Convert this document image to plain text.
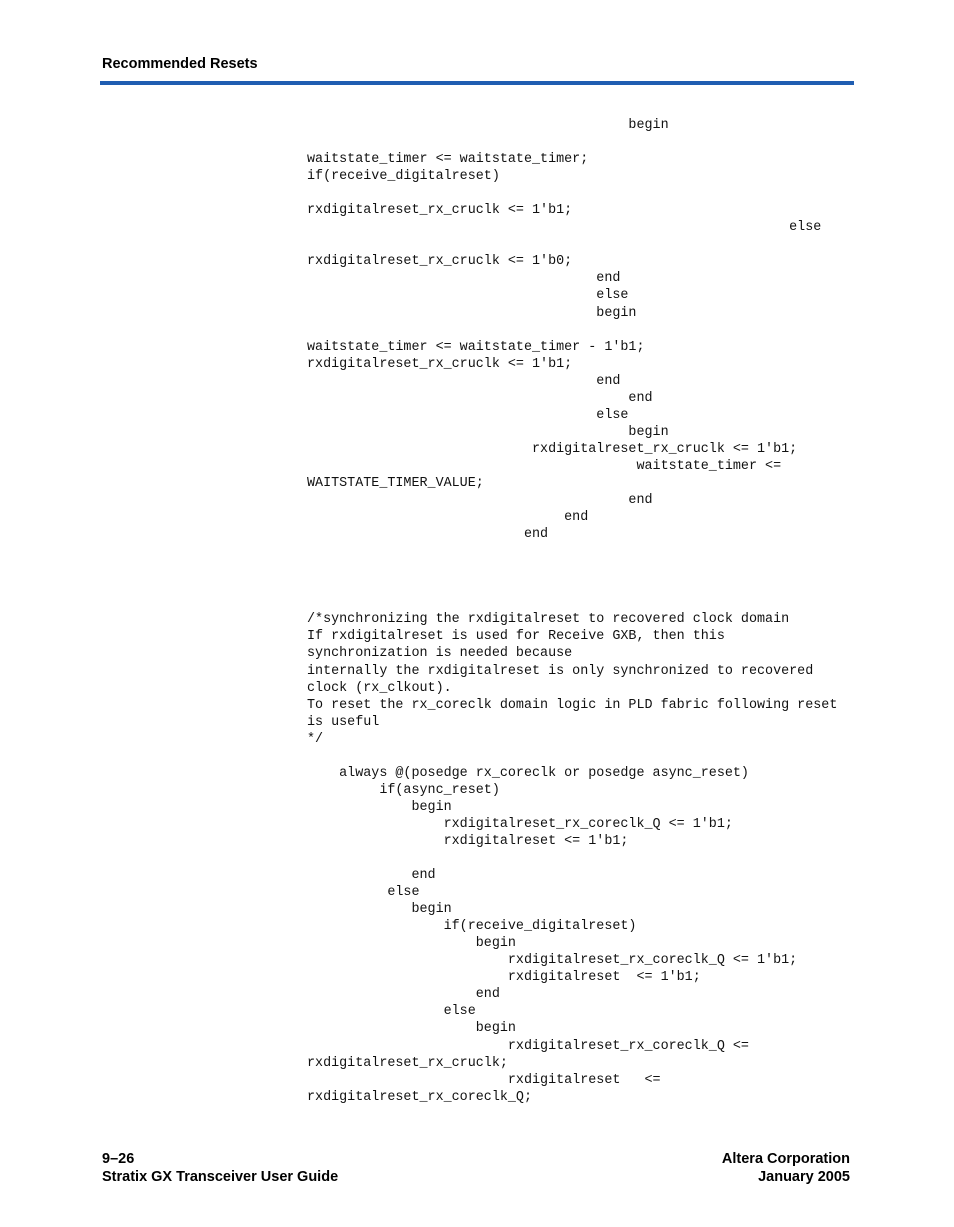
Recommended Resets
begin
waitstate_timer <= waitstate_timer;
if(receive_digitalreset)
rxdigitalreset_rx_cruclk <= 1'b1;
else
rxdigitalreset_rx_cruclk <= 1'b0;
end
else
begin
waitstate_timer <= waitstate_timer - 1'b1;
rxdigitalreset_rx_cruclk <= 1'b1;
end
end
else
begin
rxdigitalreset_rx_cruclk <= 1'b1;
waitstate_timer <=
WAITSTATE_TIMER_VALUE;
end
end
end
/*synchronizing the rxdigitalreset to recovered clock domain
If rxdigitalreset is used for Receive GXB, then this
synchronization is needed because
internally the rxdigitalreset is only synchronized to recovered
clock (rx_clkout).
To reset the rx_coreclk domain logic in PLD fabric following reset
is useful
*/
always @(posedge rx_coreclk or posedge async_reset)
if(async_reset)
begin
rxdigitalreset_rx_coreclk_Q <= 1'b1;
rxdigitalreset <= 1'b1;
end
else
begin
if(receive_digitalreset)
begin
rxdigitalreset_rx_coreclk_Q <= 1'b1;
rxdigitalreset  <= 1'b1;
end
else
begin
rxdigitalreset_rx_coreclk_Q <=
rxdigitalreset_rx_cruclk;
rxdigitalreset   <=
rxdigitalreset_rx_coreclk_Q;
9–26
Stratix GX Transceiver User Guide
Altera Corporation
January 2005
